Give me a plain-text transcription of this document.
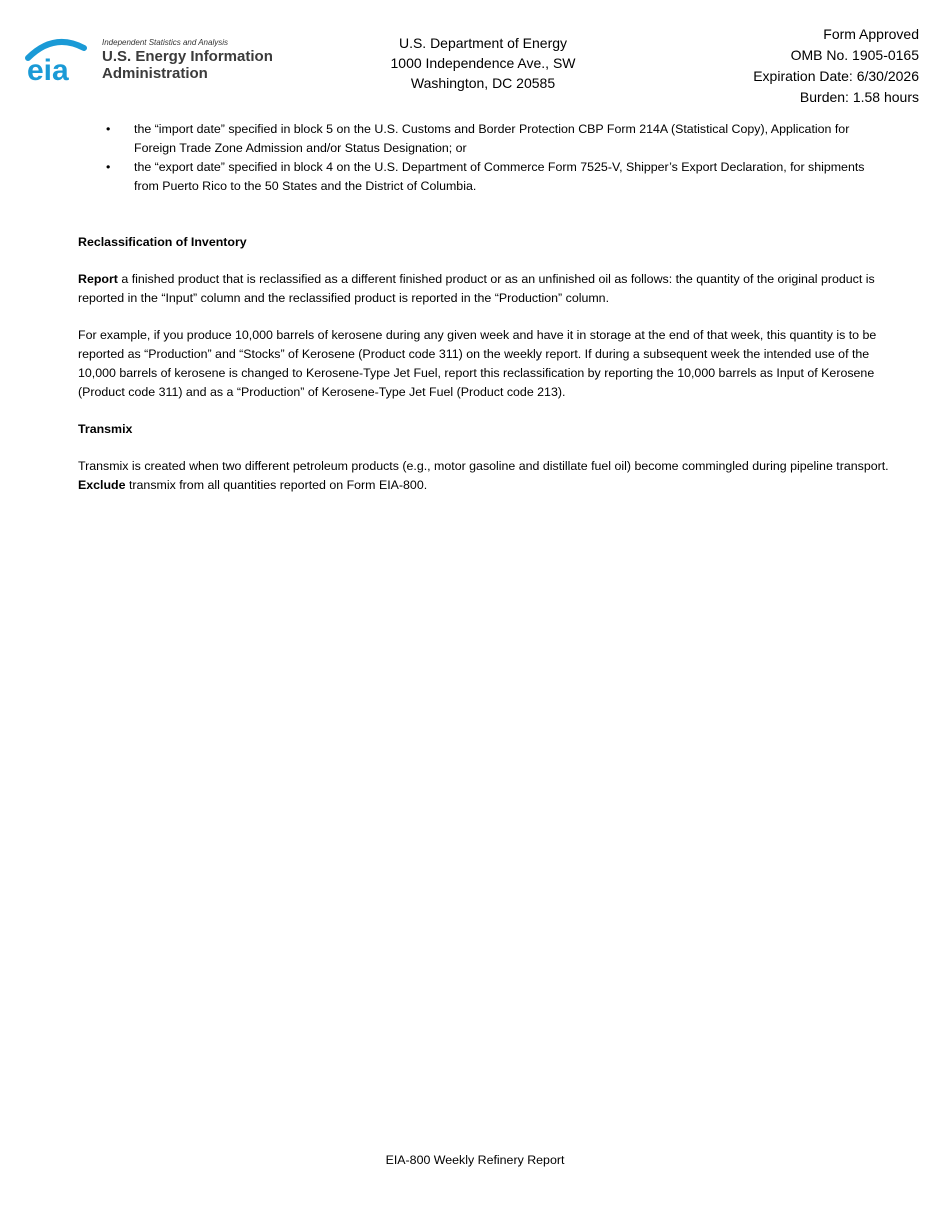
eia
Independent Statistics and Analysis
U.S. Energy Information
Administration
U.S. Department of Energy
1000 Independence Ave., SW
Washington, DC 20585
Form Approved
OMB No. 1905-0165
Expiration Date: 6/30/2026
Burden: 1.58 hours
• the “import date” specified in block 5 on the U.S. Customs and Border Protection CBP Form 214A (Statistical Copy), Application for Foreign Trade Zone Admission and/or Status Designation; or
• the “export date” specified in block 4 on the U.S. Department of Commerce Form 7525-V, Shipper’s Export Declaration, for shipments from Puerto Rico to the 50 States and the District of Columbia.
Reclassification of Inventory
Report a finished product that is reclassified as a different finished product or as an unfinished oil as follows: the quantity of the original product is reported in the “Input” column and the reclassified product is reported in the “Production” column.
For example, if you produce 10,000 barrels of kerosene during any given week and have it in storage at the end of that week, this quantity is to be reported as “Production” and “Stocks” of Kerosene (Product code 311) on the weekly report. If during a subsequent week the intended use of the 10,000 barrels of kerosene is changed to Kerosene-Type Jet Fuel, report this reclassification by reporting the 10,000 barrels as Input of Kerosene (Product code 311) and as a “Production” of Kerosene-Type Jet Fuel (Product code 213).
Transmix
Transmix is created when two different petroleum products (e.g., motor gasoline and distillate fuel oil) become commingled during pipeline transport. Exclude transmix from all quantities reported on Form EIA-800.
EIA-800 Weekly Refinery Report
